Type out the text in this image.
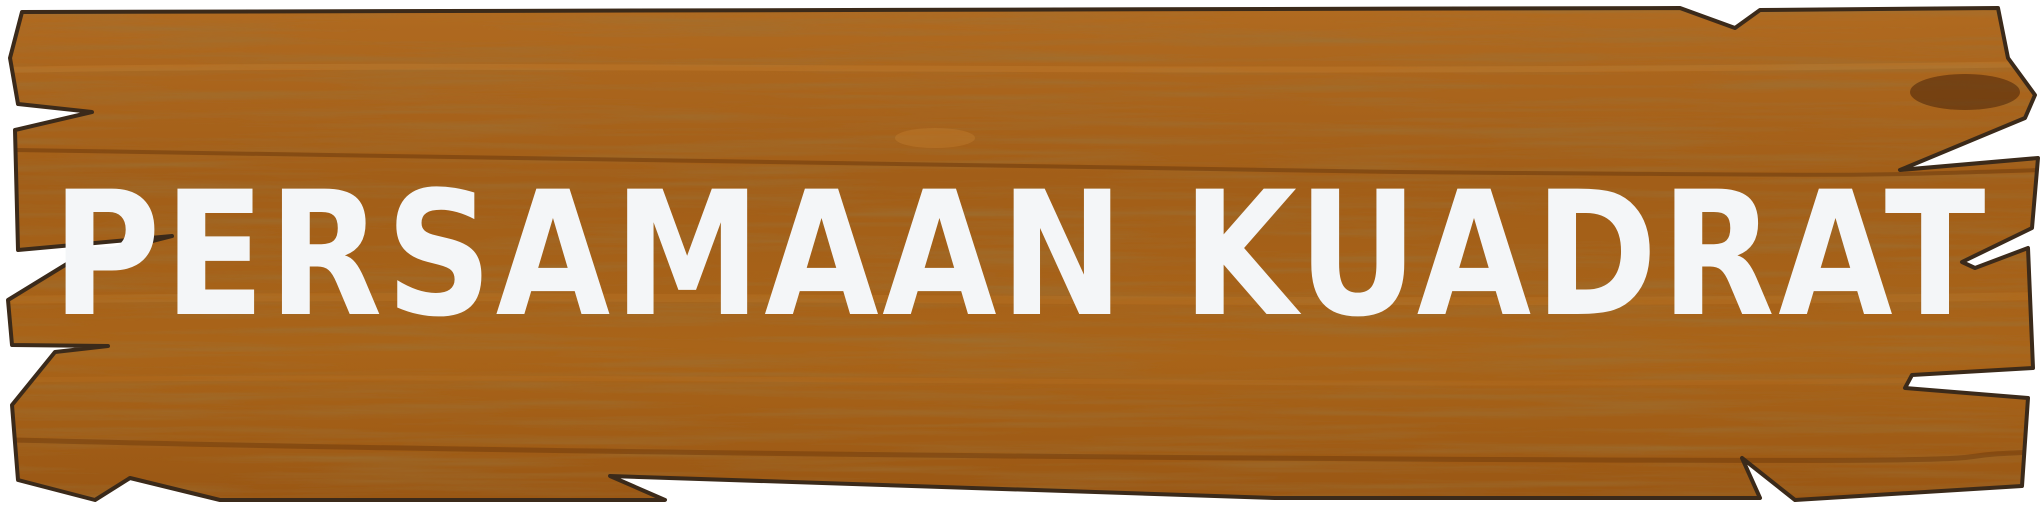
PERSAMAAN KUADRAT
